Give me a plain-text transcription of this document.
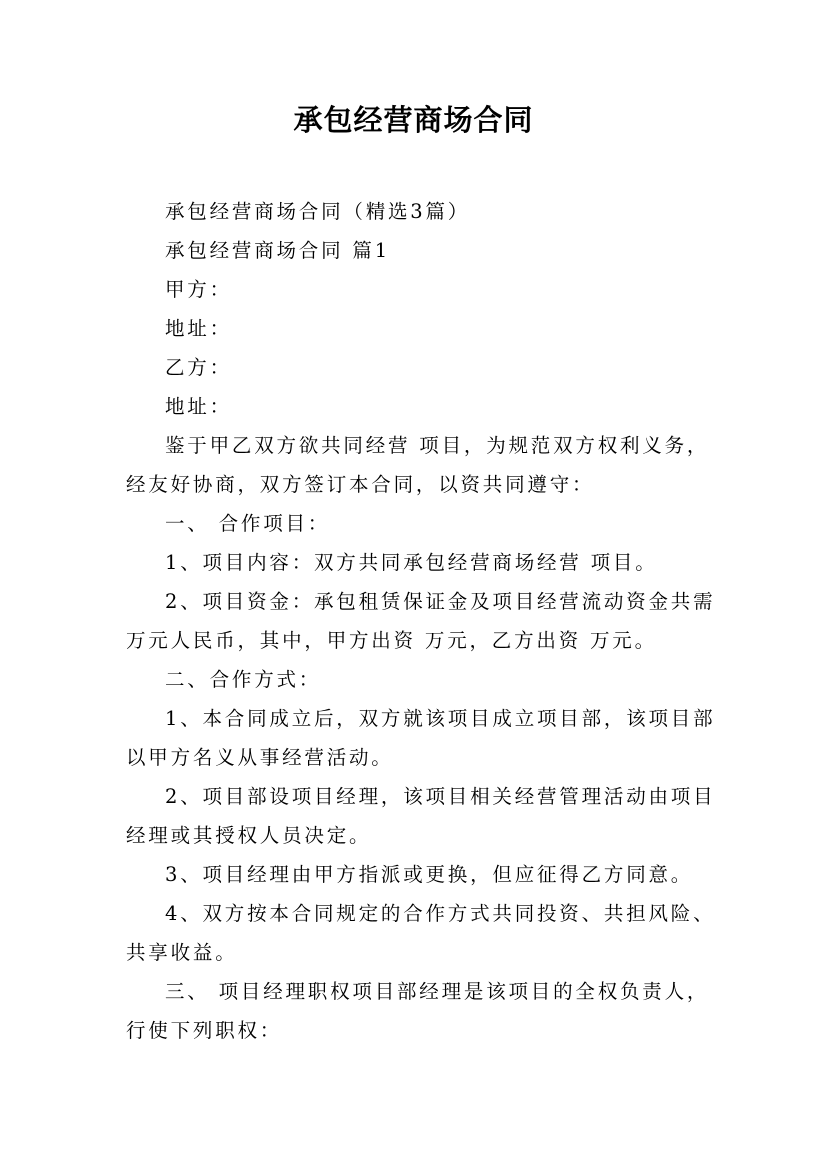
承包经营商场合同

承包经营商场合同（精选3篇）

承包经营商场合同 篇1

甲方：

地址：

乙方：

地址：

鉴于甲乙双方欲共同经营 项目，为规范双方权利义务，经友好协商，双方签订本合同，以资共同遵守：

一、 合作项目：

1、项目内容：双方共同承包经营商场经营 项目。

2、项目资金：承包租赁保证金及项目经营流动资金共需 万元人民币，其中，甲方出资 万元，乙方出资 万元。

二、合作方式：

1、本合同成立后，双方就该项目成立项目部，该项目部以甲方名义从事经营活动。

2、项目部设项目经理，该项目相关经营管理活动由项目经理或其授权人员决定。

3、项目经理由甲方指派或更换，但应征得乙方同意。

4、双方按本合同规定的合作方式共同投资、共担风险、共享收益。

三、 项目经理职权项目部经理是该项目的全权负责人，行使下列职权：
